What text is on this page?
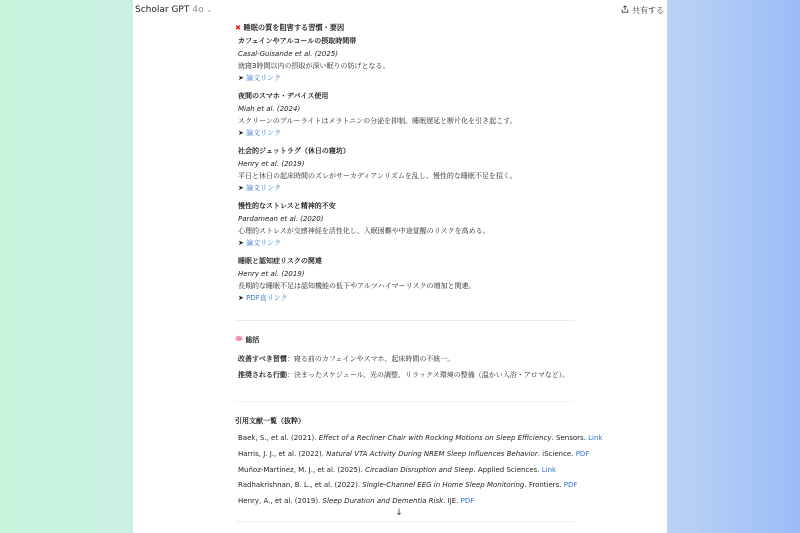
Scholar GPT 4o ⌄	共有する
✖ 睡眠の質を阻害する習慣・要因
カフェインやアルコールの摂取時間帯
Casal-Guisande et al. (2025)
就寝3時間以内の摂取が深い眠りの妨げとなる。
➤ 論文リンク
夜間のスマホ・デバイス使用
Miah et al. (2024)
スクリーンのブルーライトはメラトニンの分泌を抑制。睡眠遅延と断片化を引き起こす。
➤ 論文リンク
社会的ジェットラグ（休日の寝坊）
Henry et al. (2019)
平日と休日の起床時間のズレがサーカディアンリズムを乱し、慢性的な睡眠不足を招く。
➤ 論文リンク
慢性的なストレスと精神的不安
Pardamean et al. (2020)
心理的ストレスが交感神経を活性化し、入眠困難や中途覚醒のリスクを高める。
➤ 論文リンク
睡眠と認知症リスクの関連
Henry et al. (2019)
長期的な睡眠不足は認知機能の低下やアルツハイマーリスクの増加と関連。
➤ PDF直リンク
総括
改善すべき習慣：寝る前のカフェインやスマホ、起床時間の不統一。
推奨される行動：決まったスケジュール、光の調整、リラックス環境の整備（温かい入浴・アロマなど）。
引用文献一覧（抜粋）
Baek, S., et al. (2021). Effect of a Recliner Chair with Rocking Motions on Sleep Efficiency. Sensors. Link
Harris, J. J., et al. (2022). Natural VTA Activity During NREM Sleep Influences Behavior. iScience. PDF
Muñoz-Martínez, M. J., et al. (2025). Circadian Disruption and Sleep. Applied Sciences. Link
Radhakrishnan, B. L., et al. (2022). Single-Channel EEG in Home Sleep Monitoring. Frontiers. PDF
Henry, A., et al. (2019). Sleep Duration and Dementia Risk. IJE. PDF
↓
